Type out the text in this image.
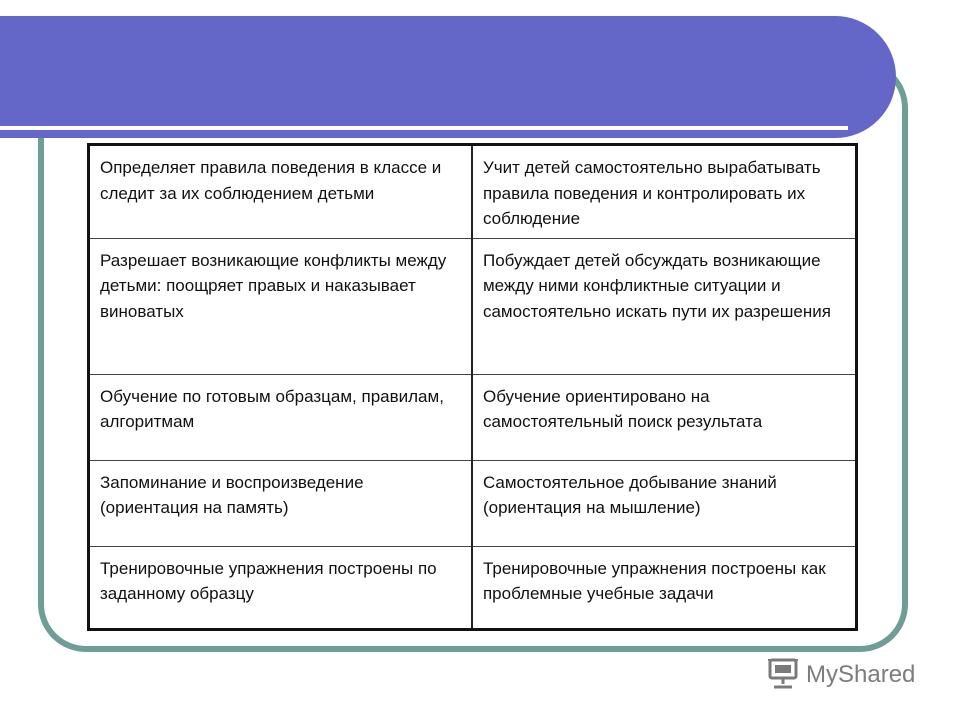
Определяет правила поведения в классе и следит за их соблюдением детьми	Учит детей самостоятельно вырабатывать правила поведения и контролировать их соблюдение
Разрешает возникающие конфликты между детьми: поощряет правых и наказывает виноватых	Побуждает детей обсуждать возникающие между ними конфликтные ситуации и самостоятельно искать пути их разрешения
Обучение по готовым образцам, правилам, алгоритмам	Обучение ориентировано на самостоятельный поиск результата
Запоминание и воспроизведение (ориентация на память)	Самостоятельное добывание знаний (ориентация на мышление)
Тренировочные упражнения построены по заданному образцу	Тренировочные упражнения построены как проблемные учебные задачи
MyShared
